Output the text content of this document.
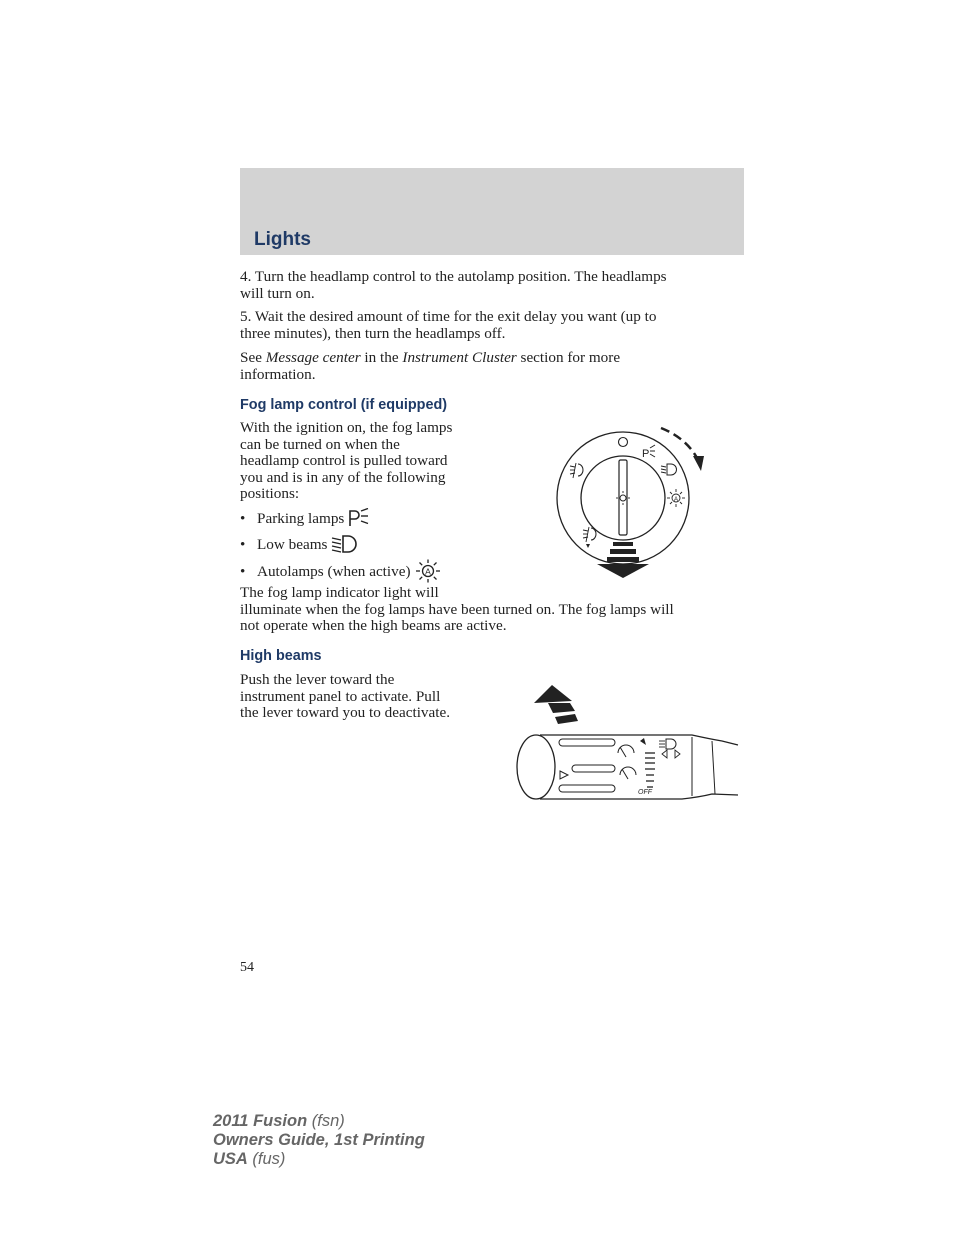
Lights
4. Turn the headlamp control to the autolamp position. The headlamps
will turn on.
5. Wait the desired amount of time for the exit delay you want (up to
three minutes), then turn the headlamps off.
See Message center in the Instrument Cluster section for more
information.
Fog lamp control (if equipped)
With the ignition on, the fog lamps
can be turned on when the
headlamp control is pulled toward
you and is in any of the following
positions:
• Parking lamps
• Low beams
• Autolamps (when active) A
The fog lamp indicator light will
illuminate when the fog lamps have been turned on. The fog lamps will
not operate when the high beams are active.
P
A
High beams
Push the lever toward the
instrument panel to activate. Pull
the lever toward you to deactivate.
OFF
54
2011 Fusion (fsn)
Owners Guide, 1st Printing
USA (fus)
